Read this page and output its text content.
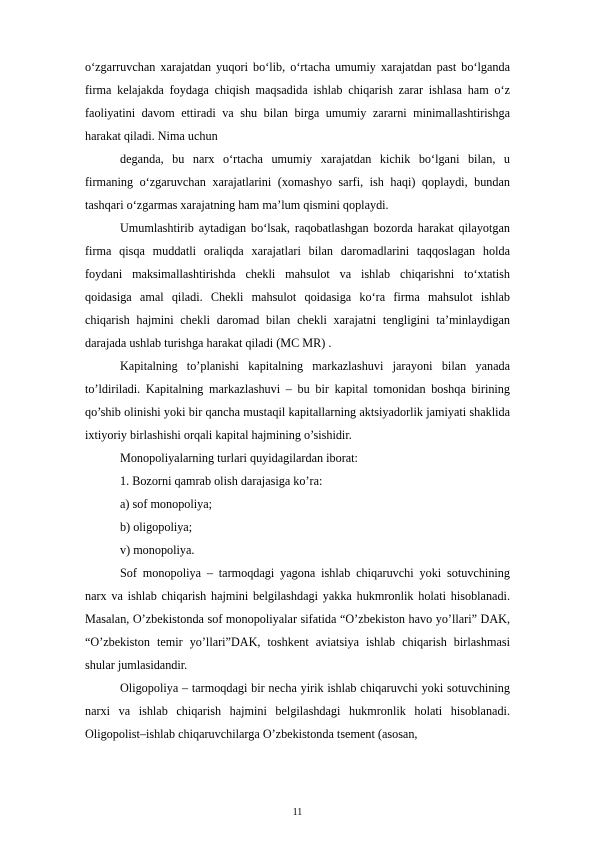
o‘zgarruvchan xarajatdan yuqori bo‘lib, o‘rtacha umumiy xarajatdan past bo‘lganda firma kelajakda foydaga chiqish maqsadida ishlab chiqarish zarar ishlasa ham o‘z faoliyatini davom ettiradi va shu bilan birga umumiy zararni minimallashtirishga harakat qiladi. Nima uchun

deganda, bu narx o‘rtacha umumiy xarajatdan kichik bo‘lgani bilan, u firmaning o‘zgaruvchan xarajatlarini (xomashyo sarfi, ish haqi) qoplaydi, bundan tashqari o‘zgarmas xarajatning ham ma’lum qismini qoplaydi.

Umumlashtirib aytadigan bo‘lsak, raqobatlashgan bozorda harakat qilayotgan firma qisqa muddatli oraliqda xarajatlari bilan daromadlarini taqqoslagan holda foydani maksimallashtirishda chekli mahsulot va ishlab chiqarishni to‘xtatish qoidasiga amal qiladi. Chekli mahsulot qoidasiga ko‘ra firma mahsulot ishlab chiqarish hajmini chekli daromad bilan chekli xarajatni tengligini ta’minlaydigan darajada ushlab turishga harakat qiladi (MC MR) .

Kapitalning to’planishi kapitalning markazlashuvi jarayoni bilan yanada to’ldiriladi. Kapitalning markazlashuvi – bu bir kapital tomonidan boshqa birining qo’shib olinishi yoki bir qancha mustaqil kapitallarning aktsiyadorlik jamiyati shaklida ixtiyoriy birlashishi orqali kapital hajmining o’sishidir.

Monopoliyalarning turlari quyidagilardan iborat:

1. Bozorni qamrab olish darajasiga ko’ra:

a) sof monopoliya;

b) oligopoliya;

v) monopoliya.

Sof monopoliya – tarmoqdagi yagona ishlab chiqaruvchi yoki sotuvchining narx va ishlab chiqarish hajmini belgilashdagi yakka hukmronlik holati hisoblanadi. Masalan, O’zbekistonda sof monopoliyalar sifatida “O’zbekiston havo yo’llari” DAK, “O’zbekiston temir yo’llari”DAK, toshkent aviatsiya ishlab chiqarish birlashmasi shular jumlasidandir.

Oligopoliya – tarmoqdagi bir necha yirik ishlab chiqaruvchi yoki sotuvchining narxi va ishlab chiqarish hajmini belgilashdagi hukmronlik holati hisoblanadi. Oligopolist–ishlab chiqaruvchilarga O’zbekistonda tsement (asosan,

11
